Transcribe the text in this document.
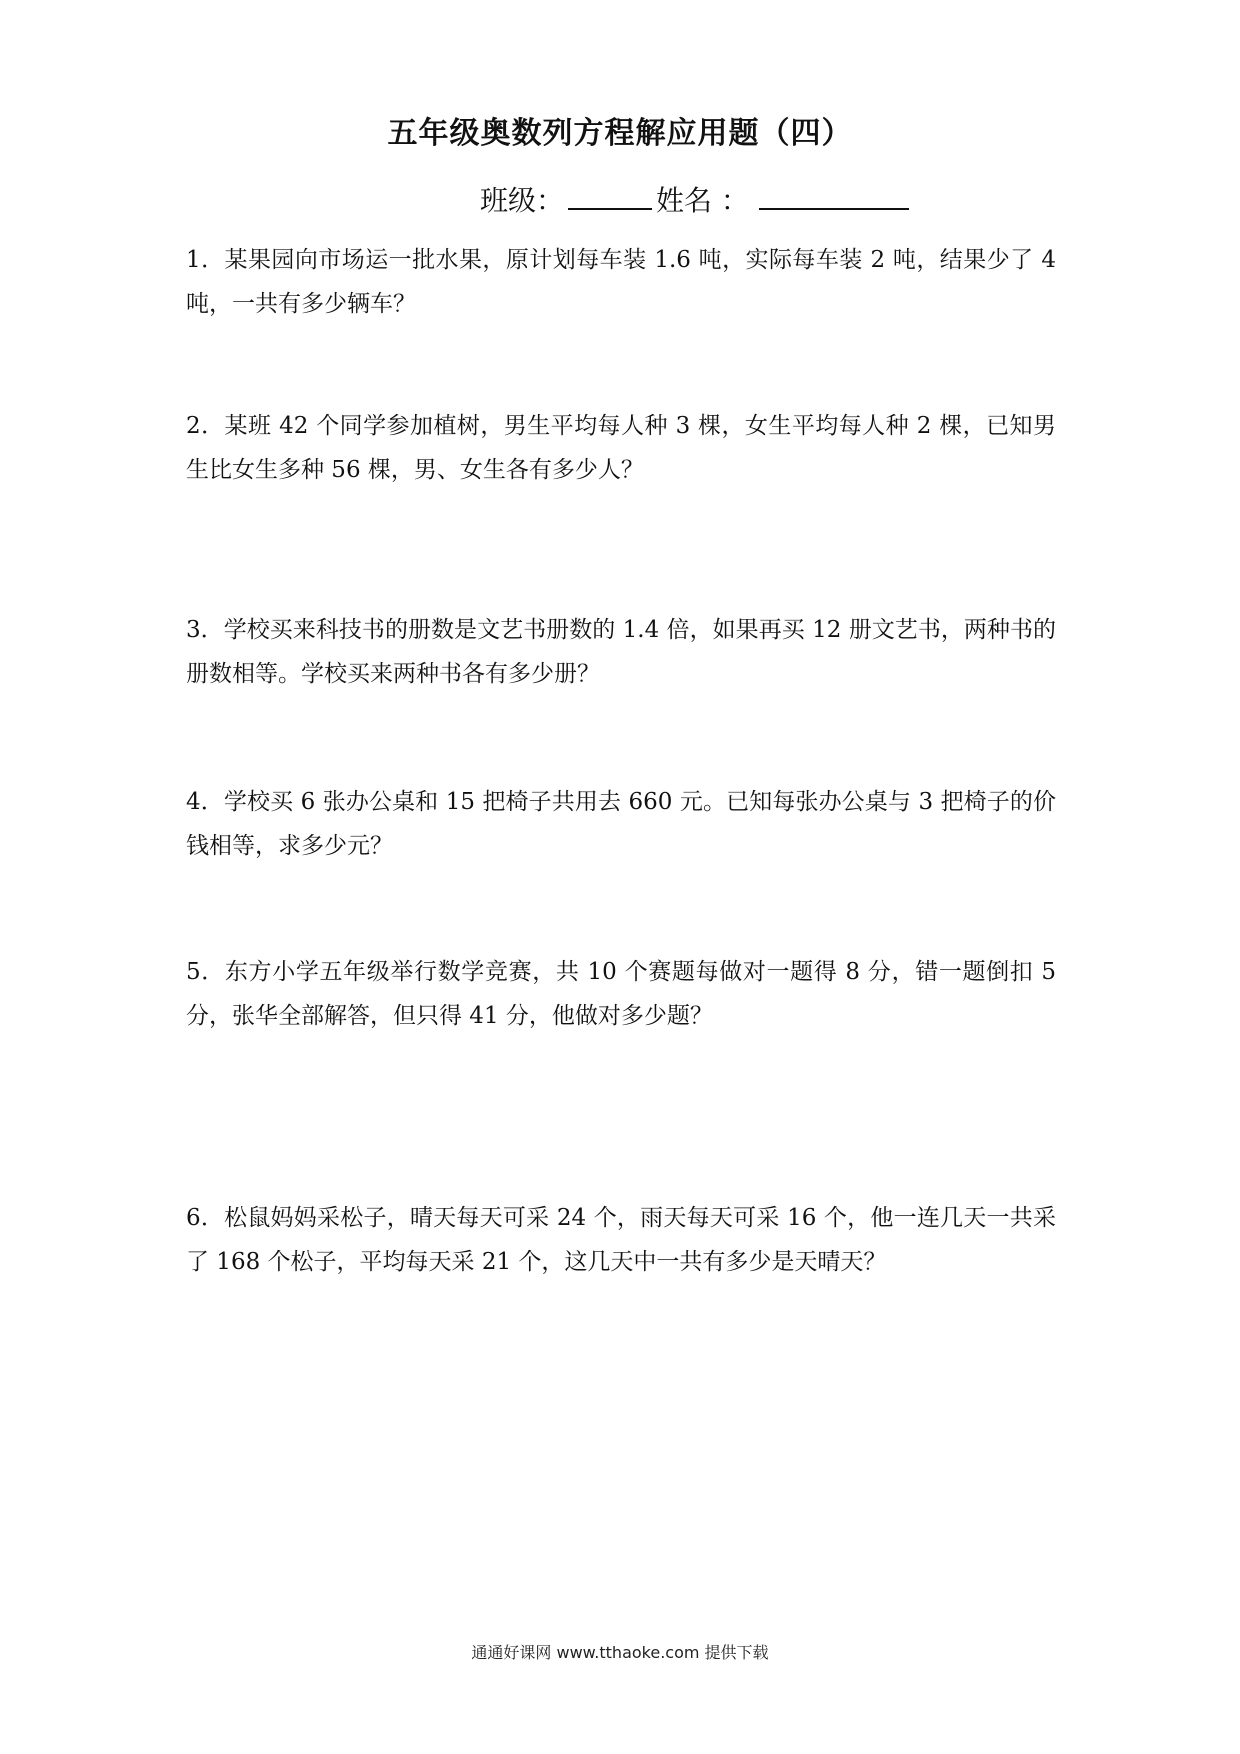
五年级奥数列方程解应用题（四）
班级：	姓名 ：
1．某果园向市场运一批水果，原计划每车装 1.6 吨，实际每车装 2 吨，结果少了 4 吨，一共有多少辆车？
2．某班 42 个同学参加植树，男生平均每人种 3 棵，女生平均每人种 2 棵，已知男生比女生多种 56 棵，男、女生各有多少人？
3．学校买来科技书的册数是文艺书册数的 1.4 倍，如果再买 12 册文艺书，两种书的册数相等。学校买来两种书各有多少册？
4．学校买 6 张办公桌和 15 把椅子共用去 660 元。已知每张办公桌与 3 把椅子的价钱相等，求多少元？
5．东方小学五年级举行数学竞赛，共 10 个赛题每做对一题得 8 分，错一题倒扣 5 分，张华全部解答，但只得 41 分，他做对多少题？
6．松鼠妈妈采松子，晴天每天可采 24 个，雨天每天可采 16 个，他一连几天一共采了 168 个松子，平均每天采 21 个，这几天中一共有多少是天晴天？
通通好课网 www.tthaoke.com 提供下载
